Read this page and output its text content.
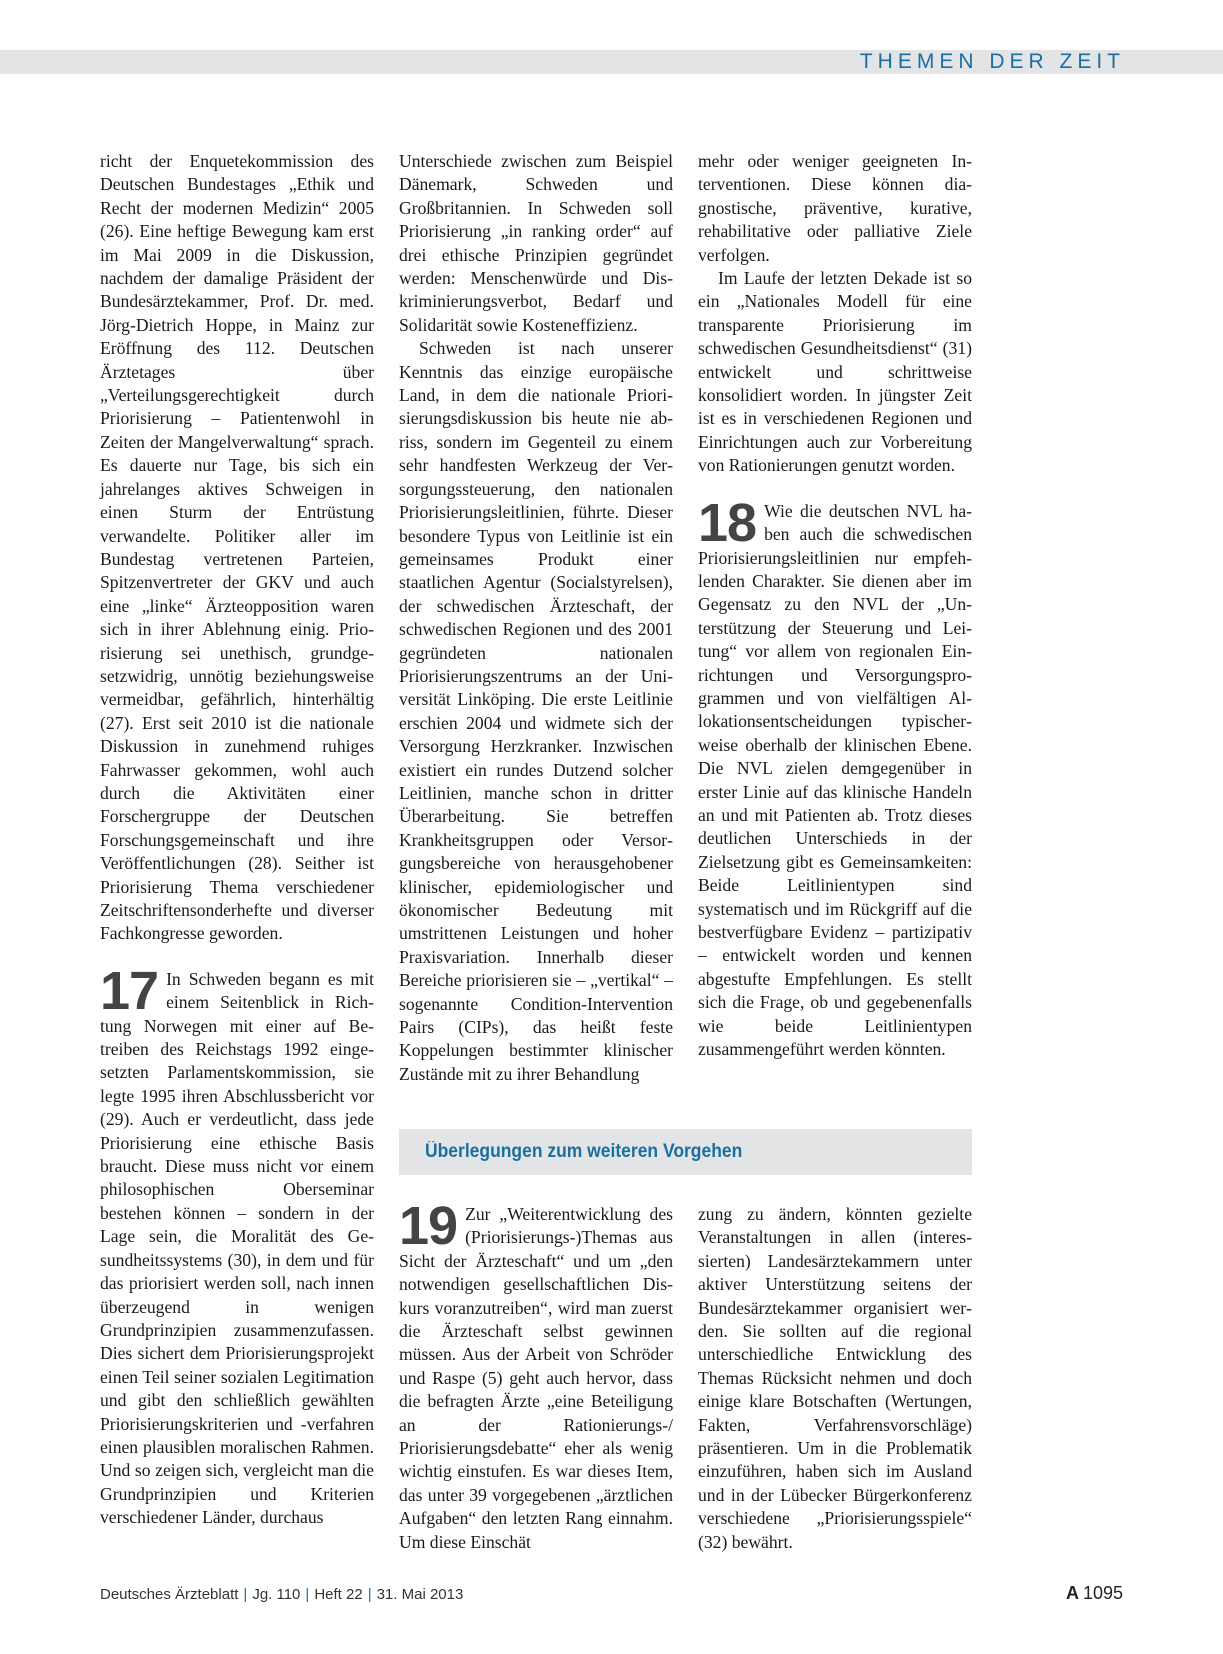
THEMEN DER ZEIT

richt der Enquetekommission des Deutschen Bundestages „Ethik und Recht der modernen Medizin“ 2005 (26). Eine heftige Bewegung kam erst im Mai 2009 in die Diskussion, nachdem der damalige Präsident der Bundesärztekammer, Prof. Dr. med. Jörg-Dietrich Hoppe, in Mainz zur Eröffnung des 112. Deutschen Ärztetages über „Verteilungsgerechtigkeit durch Priorisierung – Patientenwohl in Zeiten der Mangelverwaltung“ sprach. Es dauerte nur Tage, bis sich ein jahrelanges aktives Schweigen in einen Sturm der Entrüstung verwandelte. Politiker aller im Bundestag vertretenen Parteien, Spitzenvertreter der GKV und auch eine „linke“ Ärzteopposition waren sich in ihrer Ablehnung einig. Priorisierung sei unethisch, grundgesetzwidrig, unnötig beziehungsweise vermeidbar, gefährlich, hinterhältig (27). Erst seit 2010 ist die nationale Diskussion in zunehmend ruhiges Fahrwasser gekommen, wohl auch durch die Aktivitäten einer Forschergruppe der Deutschen Forschungsgemeinschaft und ihre Veröffentlichungen (28). Seither ist Priorisierung Thema verschiedener Zeitschriftensonderhefte und diverser Fachkongresse geworden.

17 In Schweden begann es mit einem Seitenblick in Richtung Norwegen mit einer auf Betreiben des Reichstags 1992 eingesetzten Parlamentskommission, sie legte 1995 ihren Abschlussbericht vor (29). Auch er verdeutlicht, dass jede Priorisierung eine ethische Basis braucht. Diese muss nicht vor einem philosophischen Oberseminar bestehen können – sondern in der Lage sein, die Moralität des Gesundheitssystems (30), in dem und für das priorisiert werden soll, nach innen überzeugend in wenigen Grundprinzipien zusammenzufassen. Dies sichert dem Priorisierungsprojekt einen Teil seiner sozialen Legitimation und gibt den schließlich gewählten Priorisierungskriterien und -verfahren einen plausiblen moralischen Rahmen. Und so zeigen sich, vergleicht man die Grundprinzipien und Kriterien verschiedener Länder, durchaus

Unterschiede zwischen zum Beispiel Dänemark, Schweden und Großbritannien. In Schweden soll Priorisierung „in ranking order“ auf drei ethische Prinzipien gegründet werden: Menschenwürde und Diskriminierungsverbot, Bedarf und Solidarität sowie Kosteneffizienz.

Schweden ist nach unserer Kenntnis das einzige europäische Land, in dem die nationale Priorisierungsdiskussion bis heute nie abriss, sondern im Gegenteil zu einem sehr handfesten Werkzeug der Versorgungssteuerung, den nationalen Priorisierungsleitlinien, führte. Dieser besondere Typus von Leitlinie ist ein gemeinsames Produkt einer staatlichen Agentur (Socialstyrelsen), der schwedischen Ärzteschaft, der schwedischen Regionen und des 2001 gegründeten nationalen Priorisierungszentrums an der Universität Linköping. Die erste Leitlinie erschien 2004 und widmete sich der Versorgung Herzkranker. Inzwischen existiert ein rundes Dutzend solcher Leitlinien, manche schon in dritter Überarbeitung. Sie betreffen Krankheitsgruppen oder Versorgungsbereiche von herausgehobener klinischer, epidemiologischer und ökonomischer Bedeutung mit umstrittenen Leistungen und hoher Praxisvariation. Innerhalb dieser Bereiche priorisieren sie – „vertikal“ – sogenannte Condition-Intervention Pairs (CIPs), das heißt feste Koppelungen bestimmter klinischer Zustände mit zu ihrer Behandlung

mehr oder weniger geeigneten Interventionen. Diese können diagnostische, präventive, kurative, rehabilitative oder palliative Ziele verfolgen.

Im Laufe der letzten Dekade ist so ein „Nationales Modell für eine transparente Priorisierung im schwedischen Gesundheitsdienst“ (31) entwickelt und schrittweise konsolidiert worden. In jüngster Zeit ist es in verschiedenen Regionen und Einrichtungen auch zur Vorbereitung von Rationierungen genutzt worden.

18 Wie die deutschen NVL haben auch die schwedischen Priorisierungsleitlinien nur empfehlenden Charakter. Sie dienen aber im Gegensatz zu den NVL der „Unterstützung der Steuerung und Leitung“ vor allem von regionalen Einrichtungen und Versorgungsprogrammen und von vielfältigen Allokationsentscheidungen typischerweise oberhalb der klinischen Ebene. Die NVL zielen demgegenüber in erster Linie auf das klinische Handeln an und mit Patienten ab. Trotz dieses deutlichen Unterschieds in der Zielsetzung gibt es Gemeinsamkeiten: Beide Leitlinientypen sind systematisch und im Rückgriff auf die bestverfügbare Evidenz – partizipativ – entwickelt worden und kennen abgestufte Empfehlungen. Es stellt sich die Frage, ob und gegebenenfalls wie beide Leitlinientypen zusammengeführt werden könnten.

Überlegungen zum weiteren Vorgehen

19 Zur „Weiterentwicklung des (Priorisierungs-)Themas aus Sicht der Ärzteschaft“ und um „den notwendigen gesellschaftlichen Diskurs voranzutreiben“, wird man zuerst die Ärzteschaft selbst gewinnen müssen. Aus der Arbeit von Schröder und Raspe (5) geht auch hervor, dass die befragten Ärzte „eine Beteiligung an der Rationierungs-/ Priorisierungsdebatte“ eher als wenig wichtig einstufen. Es war dieses Item, das unter 39 vorgegebenen „ärztlichen Aufgaben“ den letzten Rang einnahm. Um diese Einschät

zung zu ändern, könnten gezielte Veranstaltungen in allen (interessierten) Landesärztekammern unter aktiver Unterstützung seitens der Bundesärztekammer organisiert werden. Sie sollten auf die regional unterschiedliche Entwicklung des Themas Rücksicht nehmen und doch einige klare Botschaften (Wertungen, Fakten, Verfahrensvorschläge) präsentieren. Um in die Problematik einzuführen, haben sich im Ausland und in der Lübecker Bürgerkonferenz verschiedene „Priorisierungsspiele“ (32) bewährt.

Deutsches Ärzteblatt | Jg. 110 | Heft 22 | 31. Mai 2013	A 1095
